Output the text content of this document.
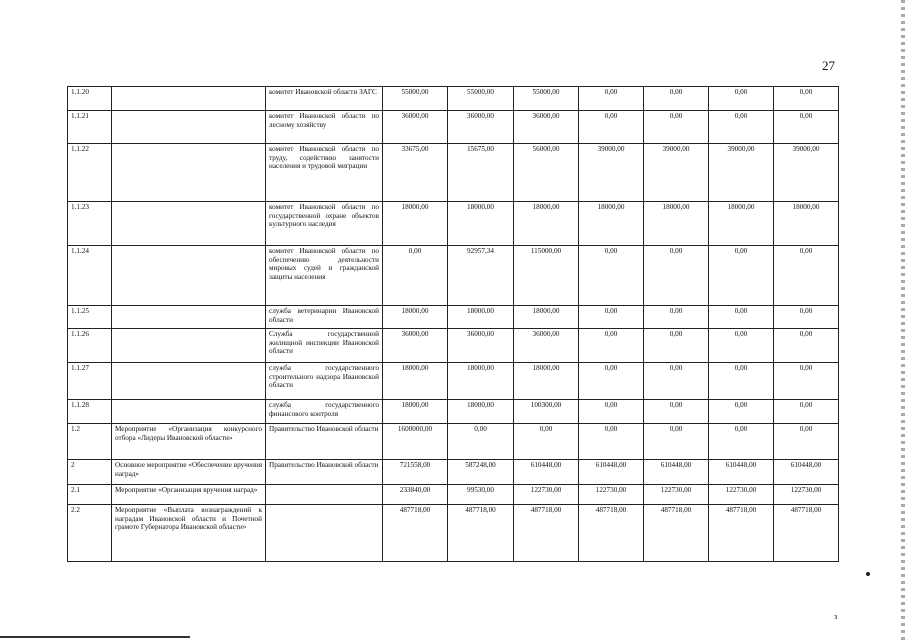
27
1.1.20		комитет Ивановской области ЗАГС	55000,00	55000,00	55000,00	0,00	0,00	0,00	0,00
1.1.21		комитет Ивановской области по лесному хозяйству	36000,00	36000,00	36000,00	0,00	0,00	0,00	0,00
1.1.22		комитет Ивановской области по труду, содействию занятости населения и трудовой миграции	33675,00	15675,00	56000,00	39000,00	39000,00	39000,00	39000,00
1.1.23		комитет Ивановской области по государственной охране объектов культурного наследия	18000,00	18000,00	18000,00	18000,00	18000,00	18000,00	18000,00
1.1.24		комитет Ивановской области по обеспечению деятельности мировых судей и гражданской защиты населения	0,00	92957,34	115000,00	0,00	0,00	0,00	0,00
1.1.25		служба ветеринарии Ивановской области	18000,00	18000,00	18000,00	0,00	0,00	0,00	0,00
1.1.26		Служба государственной жилищной инспекции Ивановской области	36000,00	36000,00	36000,00	0,00	0,00	0,00	0,00
1.1.27		служба государственного строительного надзора Ивановской области	18000,00	18000,00	18000,00	0,00	0,00	0,00	0,00
1.1.28		служба государственного финансового контроля	18000,00	18000,00	100300,00	0,00	0,00	0,00	0,00
1.2	Мероприятие «Организация конкурсного отбора «Лидеры Ивановской области»	Правительство Ивановской области	1600000,00	0,00	0,00	0,00	0,00	0,00	0,00
2	Основное мероприятие «Обеспечение вручения наград»	Правительство Ивановской области	721558,00	587248,00	610448,00	610448,00	610448,00	610448,00	610448,00
2.1	Мероприятие «Организация вручения наград»		233840,00	99530,00	122730,00	122730,00	122730,00	122730,00	122730,00
2.2	Мероприятие «Выплата вознаграждений к наградам Ивановской области и Почетной грамоте Губернатора Ивановской области»		487718,00	487718,00	487718,00	487718,00	487718,00	487718,00	487718,00
з
